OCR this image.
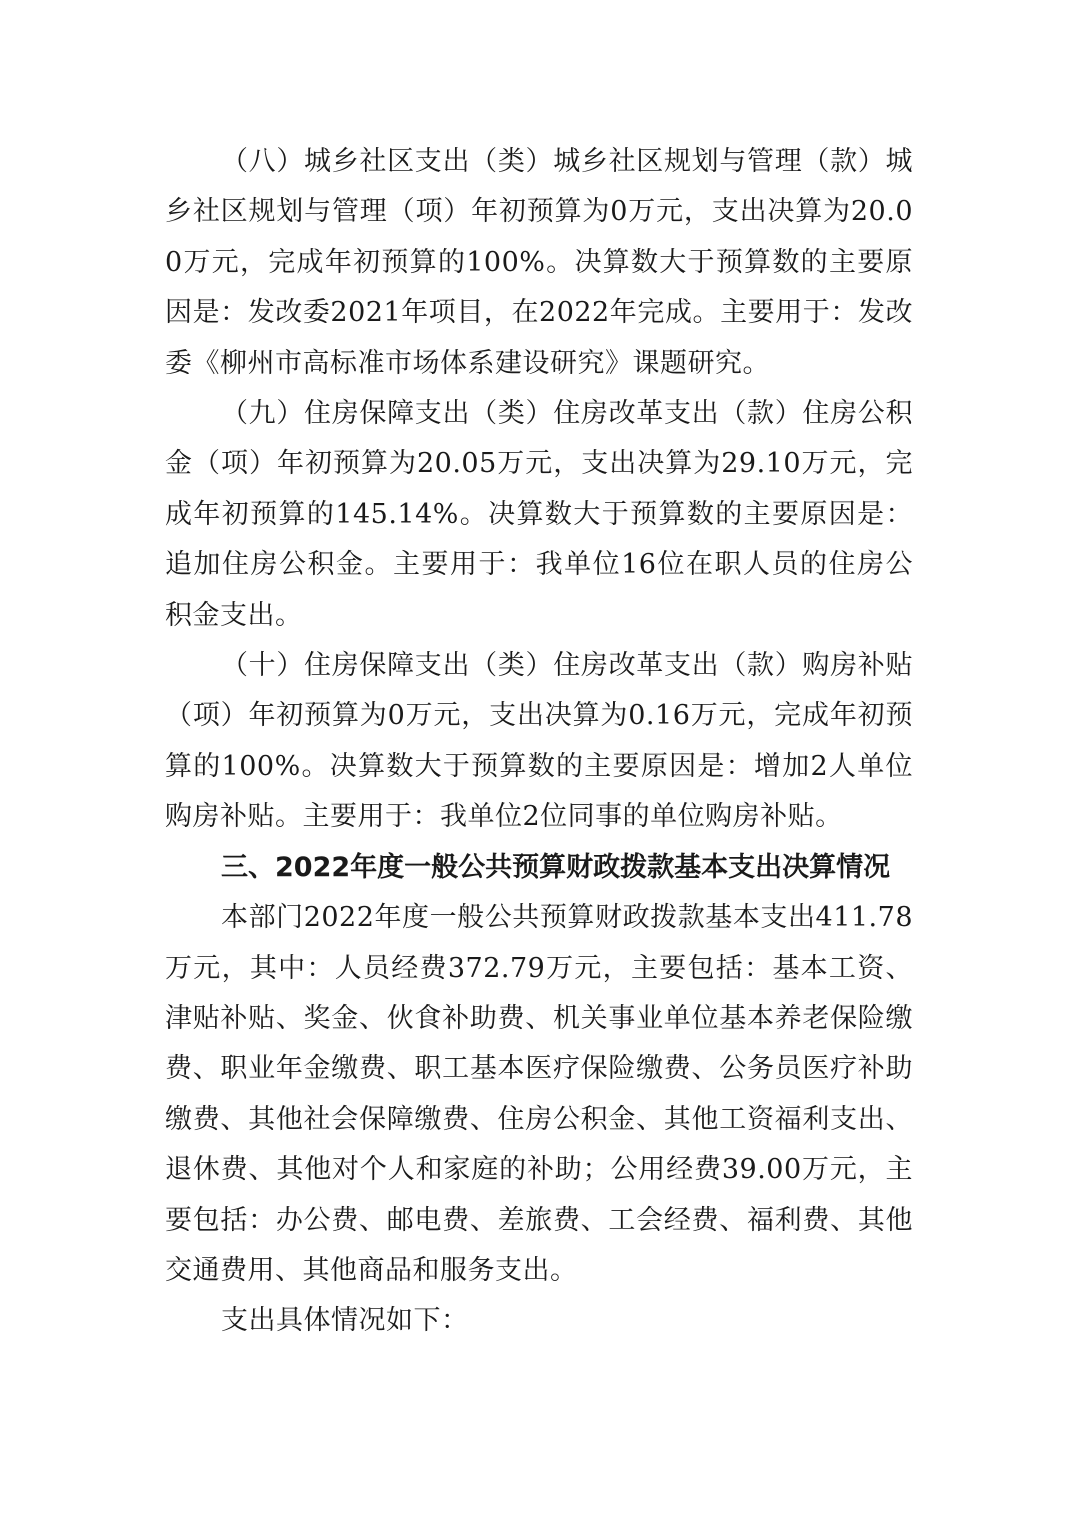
（八）城乡社区支出（类）城乡社区规划与管理（款）城乡社区规划与管理（项）年初预算为0万元，支出决算为20.00万元，完成年初预算的100%。决算数大于预算数的主要原因是：发改委2021年项目，在2022年完成。主要用于：发改委《柳州市高标准市场体系建设研究》课题研究。

（九）住房保障支出（类）住房改革支出（款）住房公积金（项）年初预算为20.05万元，支出决算为29.10万元，完成年初预算的145.14%。决算数大于预算数的主要原因是：追加住房公积金。主要用于：我单位16位在职人员的住房公积金支出。

（十）住房保障支出（类）住房改革支出（款）购房补贴（项）年初预算为0万元，支出决算为0.16万元，完成年初预算的100%。决算数大于预算数的主要原因是：增加2人单位购房补贴。主要用于：我单位2位同事的单位购房补贴。

三、2022年度一般公共预算财政拨款基本支出决算情况

本部门2022年度一般公共预算财政拨款基本支出411.78万元，其中：人员经费372.79万元，主要包括：基本工资、津贴补贴、奖金、伙食补助费、机关事业单位基本养老保险缴费、职业年金缴费、职工基本医疗保险缴费、公务员医疗补助缴费、其他社会保障缴费、住房公积金、其他工资福利支出、退休费、其他对个人和家庭的补助；公用经费39.00万元，主要包括：办公费、邮电费、差旅费、工会经费、福利费、其他交通费用、其他商品和服务支出。

支出具体情况如下：
